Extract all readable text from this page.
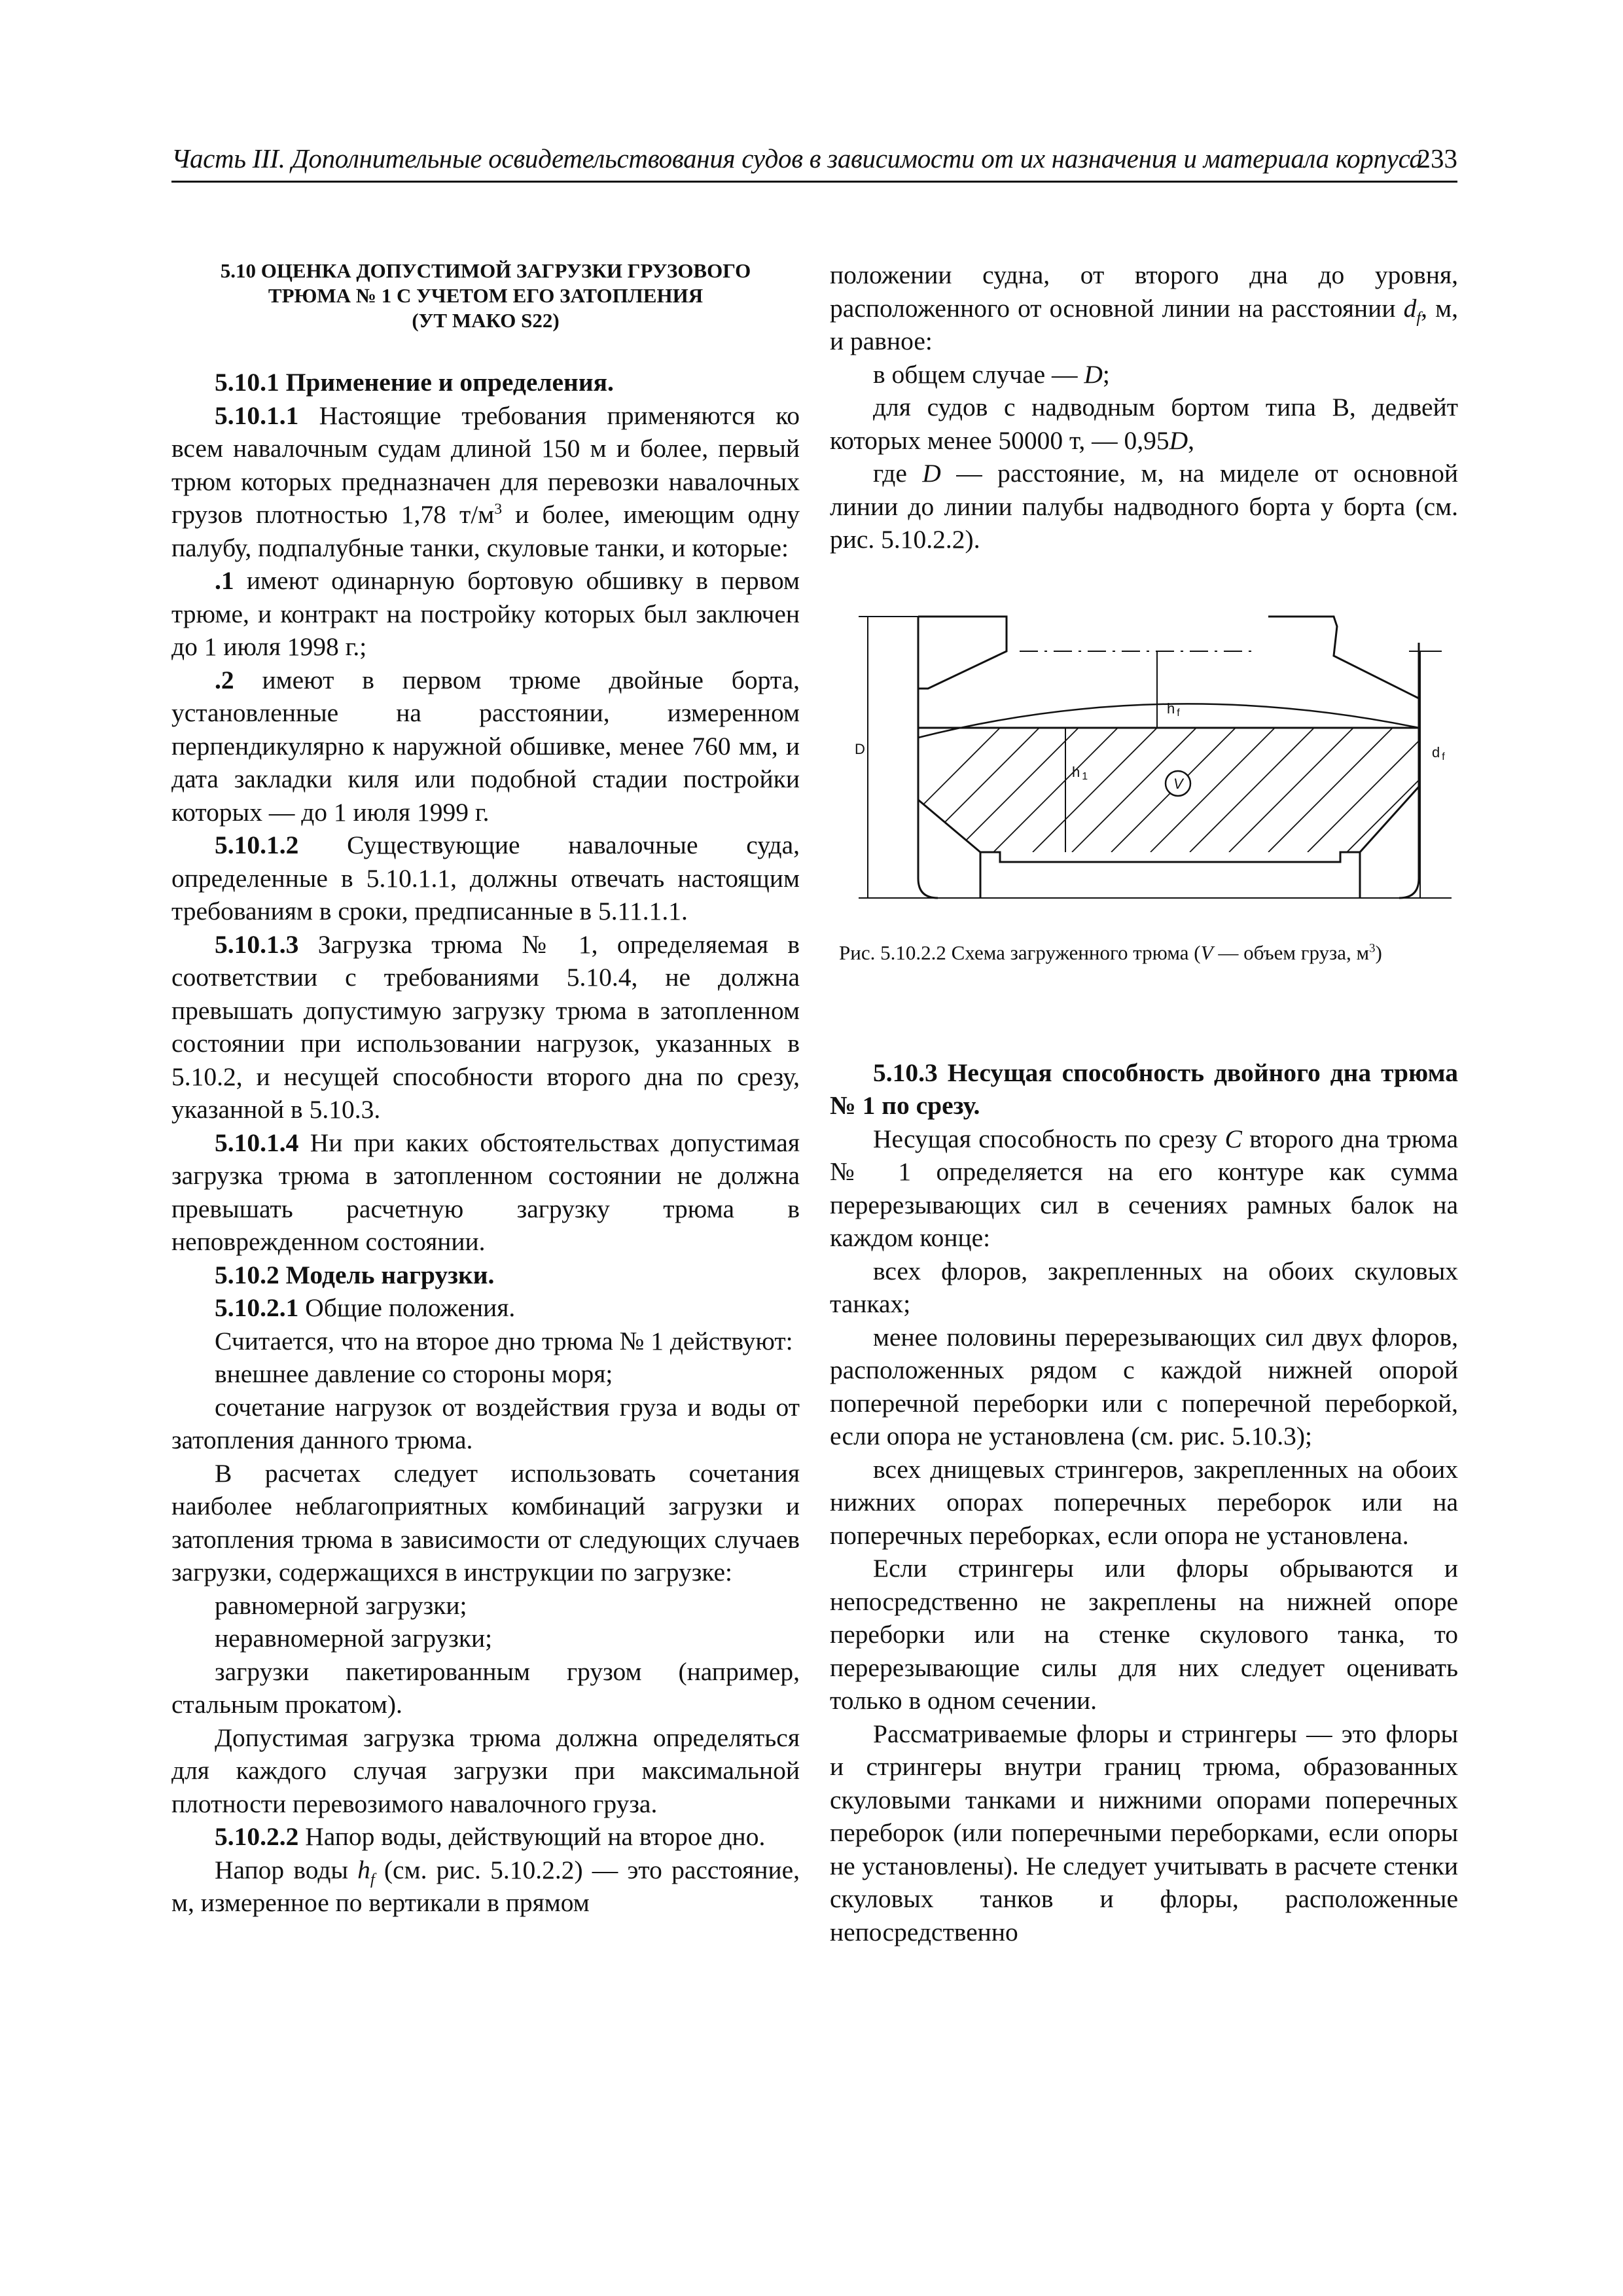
Часть III. Дополнительные освидетельствования судов в зависимости от их назначения и материала корпуса
233
5.10 ОЦЕНКА ДОПУСТИМОЙ ЗАГРУЗКИ ГРУЗОВОГО
ТРЮМА № 1 С УЧЕТОМ ЕГО ЗАТОПЛЕНИЯ
(УТ МАКО S22)

5.10.1 Применение и определения.

5.10.1.1 Настоящие требования применяются ко всем навалочным судам длиной 150 м и более, первый трюм которых предназначен для перевозки навалочных грузов плотностью 1,78 $т/м^3$ и более, имеющим одну палубу, подпалубные танки, скуловые танки, и которые:

.1 имеют одинарную бортовую обшивку в первом трюме, и контракт на постройку которых был заключен до 1 июля 1998 г.;

.2 имеют в первом трюме двойные борта, установленные на расстоянии, измеренном перпендикулярно к наружной обшивке, менее 760 мм, и дата закладки киля или подобной стадии постройки которых — до 1 июля 1999 г.

5.10.1.2 Существующие навалочные суда, определенные в 5.10.1.1, должны отвечать настоящим требованиям в сроки, предписанные в 5.11.1.1.

5.10.1.3 Загрузка трюма № 1, определяемая в соответствии с требованиями 5.10.4, не должна превышать допустимую загрузку трюма в затопленном состоянии при использовании нагрузок, указанных в 5.10.2, и несущей способности второго дна по срезу, указанной в 5.10.3.

5.10.1.4 Ни при каких обстоятельствах допустимая загрузка трюма в затопленном состоянии не должна превышать расчетную загрузку трюма в неповрежденном состоянии.

5.10.2 Модель нагрузки.

5.10.2.1 Общие положения.

Считается, что на второе дно трюма № 1 действуют:

внешнее давление со стороны моря;

сочетание нагрузок от воздействия груза и воды от затопления данного трюма.

В расчетах следует использовать сочетания наиболее неблагоприятных комбинаций загрузки и затопления трюма в зависимости от следующих случаев загрузки, содержащихся в инструкции по загрузке:

равномерной загрузки;

неравномерной загрузки;

загрузки пакетированным грузом (например, стальным прокатом).

Допустимая загрузка трюма должна определяться для каждого случая загрузки при максимальной плотности перевозимого навалочного груза.

5.10.2.2 Напор воды, действующий на второе дно.

Напор воды $h_f$ (см. рис. 5.10.2.2) — это расстояние, м, измеренное по вертикали в прямом

положении судна, от второго дна до уровня, расположенного от основной линии на расстоянии $d_f$, м, и равное:

в общем случае — D;

для судов с надводным бортом типа B, дедвейт которых менее 50000 т, — 0,95D,

где D — расстояние, м, на миделе от основной линии до линии палубы надводного борта у борта (см. рис. 5.10.2.2).

D	d f
h f
h 1	V

Рис. 5.10.2.2 Схема загруженного трюма (V — объем груза, $м^3$)

5.10.3 Несущая способность двойного дна трюма № 1 по срезу.

Несущая способность по срезу C второго дна трюма № 1 определяется на его контуре как сумма перерезывающих сил в сечениях рамных балок на каждом конце:

всех флоров, закрепленных на обоих скуловых танках;

менее половины перерезывающих сил двух флоров, расположенных рядом с каждой нижней опорой поперечной переборки или с поперечной переборкой, если опора не установлена (см. рис. 5.10.3);

всех днищевых стрингеров, закрепленных на обоих нижних опорах поперечных переборок или на поперечных переборках, если опора не установлена.

Если стрингеры или флоры обрываются и непосредственно не закреплены на нижней опоре переборки или на стенке скулового танка, то перерезывающие силы для них следует оценивать только в одном сечении.

Рассматриваемые флоры и стрингеры — это флоры и стрингеры внутри границ трюма, образованных скуловыми танками и нижними опорами поперечных переборок (или поперечными переборками, если опоры не установлены). Не следует учитывать в расчете стенки скуловых танков и флоры, расположенные непосредственно
